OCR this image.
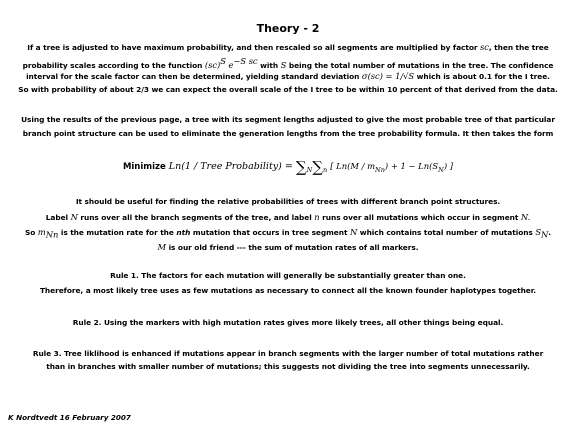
Theory - 2
If a tree is adjusted to have maximum probability, and then rescaled so all segments are multiplied by factor sc, then the tree
probability scales according to the function (sc)$^S$ $e^{-S sc}$ with S being the total number of mutations in the tree. The confidence
interval for the scale factor can then be determined, yielding standard deviation σ(sc) = 1/√S which is about 0.1 for the I tree.
So with probability of about 2/3 we can expect the overall scale of the I tree to be within 10 percent of that derived from the data.
Using the results of the previous page, a tree with its segment lengths adjusted to give the most probable tree of that particular
branch point structure can be used to eliminate the generation lengths from the tree probability formula. It then takes the form
Minimize Ln(1 / Tree Probability) = $\sum_N\sum_n$ [ $Ln(M / m_{Nn}) + 1 - Ln(S_N)$ ]
It should be useful for finding the relative probabilities of trees with different branch point structures.
Label N runs over all the branch segments of the tree, and label n runs over all mutations which occur in segment N.
So $m_{Nn}$ is the mutation rate for the nth mutation that occurs in tree segment N which contains total number of mutations $S_N$.
M is our old friend --- the sum of mutation rates of all markers.
Rule 1. The factors for each mutation will generally be substantially greater than one.
Therefore, a most likely tree uses as few mutations as necessary to connect all the known founder haplotypes together.
Rule 2. Using the markers with high mutation rates gives more likely trees, all other things being equal.
Rule 3. Tree liklihood is enhanced if mutations appear in branch segments with the larger number of total mutations rather
than in branches with smaller number of mutations; this suggests not dividing the tree into segments unnecessarily.
K Nordtvedt 16 February 2007
